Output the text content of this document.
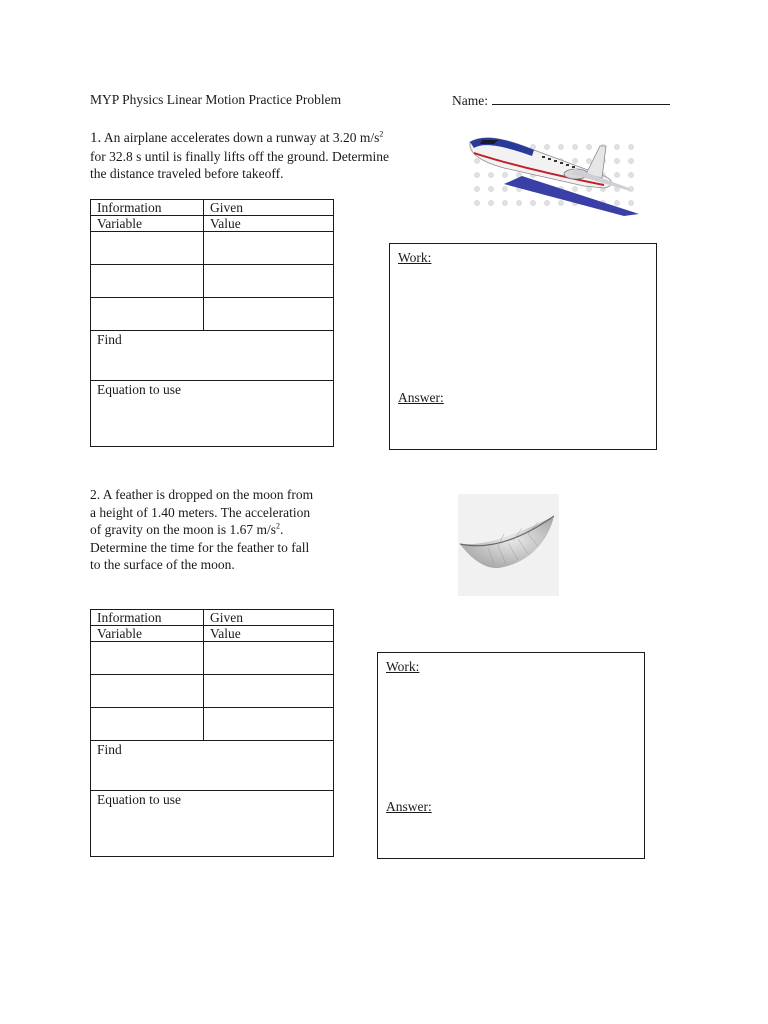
MYP Physics Linear Motion Practice Problem	Name:
1. An airplane accelerates down a runway at 3.20 $m/s^2$
for 32.8 s until is finally lifts off the ground. Determine
the distance traveled before takeoff.
Information	Given
Variable	Value

Find	
Equation to use	
Work:
Answer:
2. A feather is dropped on the moon from
a height of 1.40 meters. The acceleration
of gravity on the moon is 1.67 $m/s^2$.
Determine the time for the feather to fall
to the surface of the moon.
Information	Given
Variable	Value

Find	
Equation to use	
Work:
Answer:
